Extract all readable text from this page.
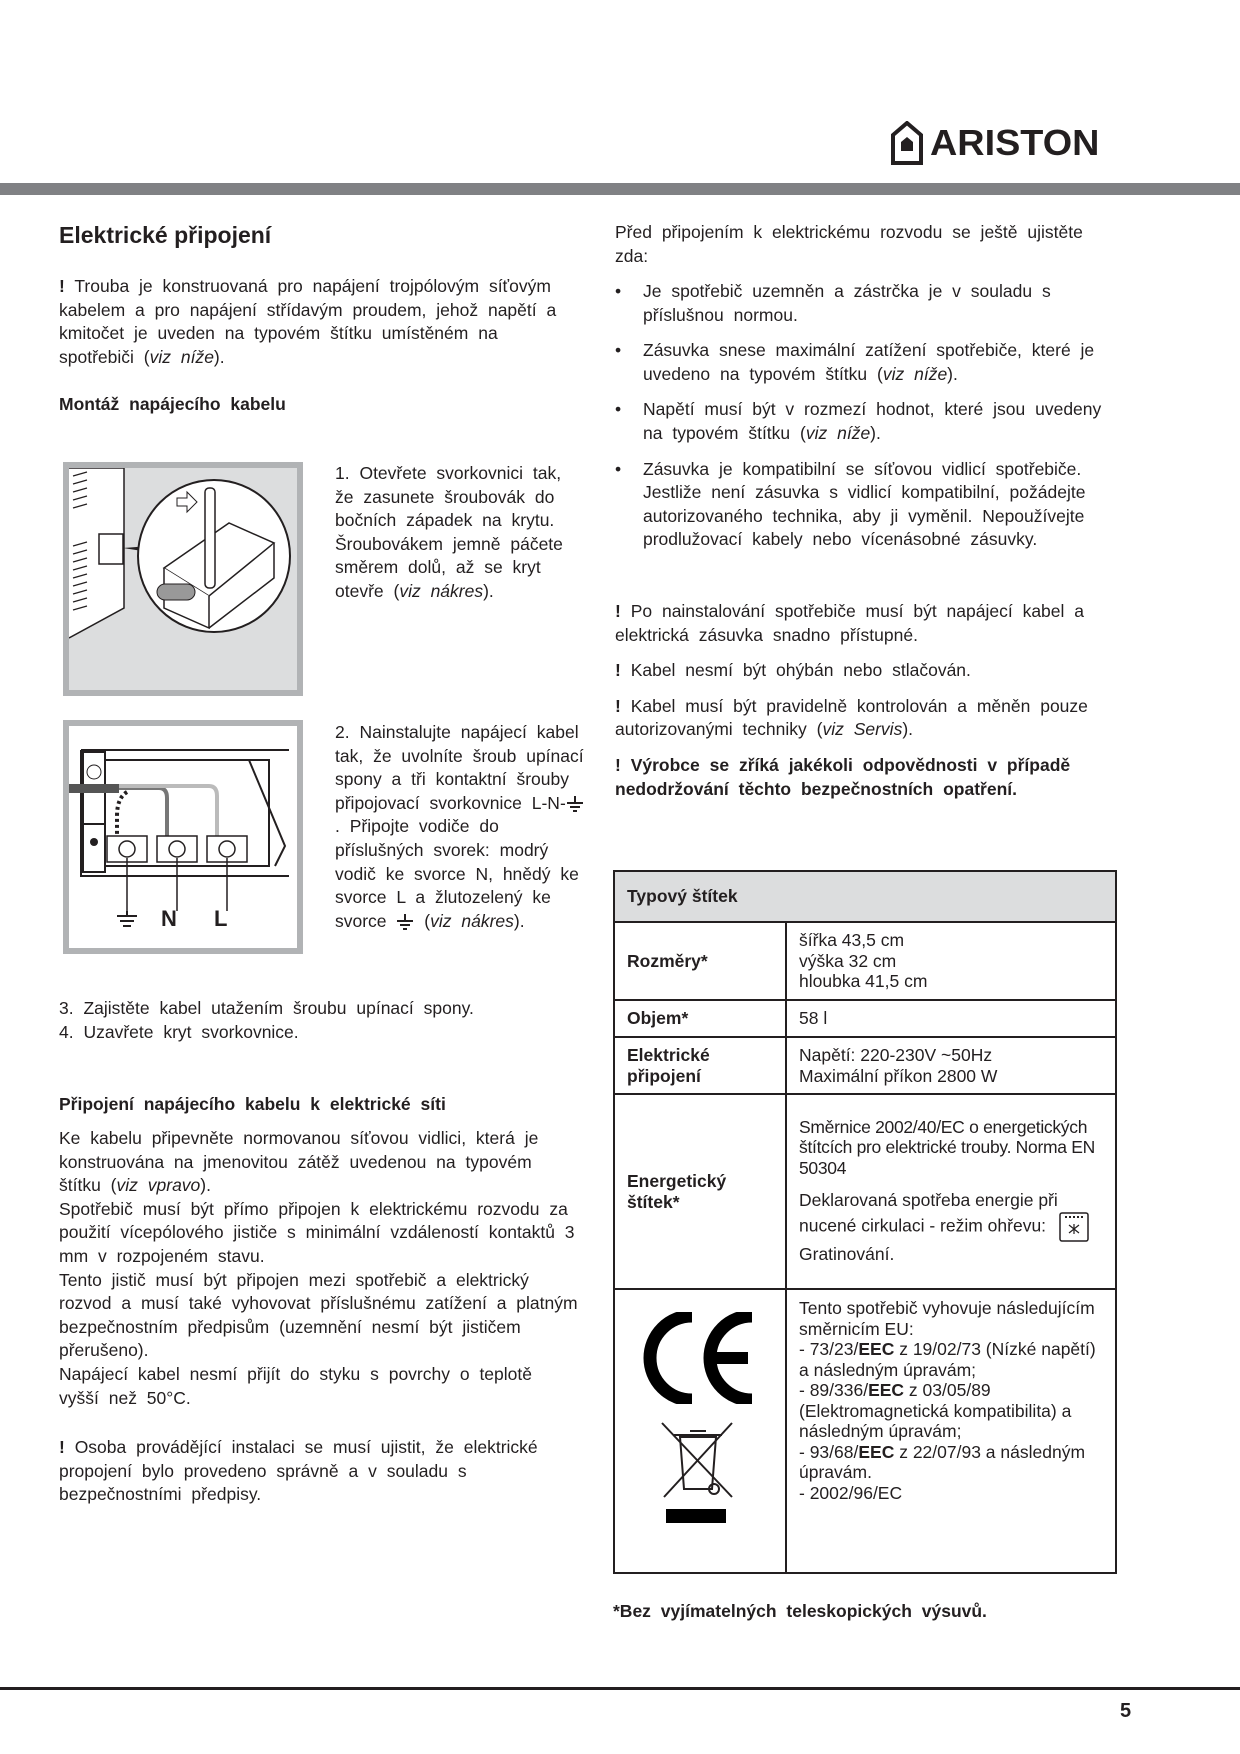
ARISTON
Elektrické připojení
! Trouba je konstruovaná pro napájení trojpólovým síťovým kabelem a pro napájení střídavým proudem, jehož napětí a kmitočet je uveden na typovém štítku umístěném na spotřebiči (viz níže).
Montáž napájecího kabelu
1. Otevřete svorkovnici tak, že zasunete šroubovák do bočních západek na krytu. Šroubovákem jemně páčete směrem dolů, až se kryt otevře (viz nákres).
N L
2. Nainstalujte napájecí kabel tak, že uvolníte šroub upínací spony a tři kontaktní šrouby připojovací svorkovnice L-N-. Připojte vodiče do příslušných svorek: modrý vodič ke svorce N, hnědý ke svorce L a žlutozelený ke svorce  (viz nákres).
3. Zajistěte kabel utažením šroubu upínací spony.
4. Uzavřete kryt svorkovnice.
Připojení napájecího kabelu k elektrické síti
Ke kabelu připevněte normovanou síťovou vidlici, která je konstruována na jmenovitou zátěž uvedenou na typovém štítku (viz vpravo).
Spotřebič musí být přímo připojen k elektrickému rozvodu za použití vícepólového jističe s minimální vzdáleností kontaktů 3 mm v rozpojeném stavu.
Tento jistič musí být připojen mezi spotřebič a elektrický rozvod a musí také vyhovovat příslušnému zatížení a platným bezpečnostním předpisům (uzemnění nesmí být jističem přerušeno).
Napájecí kabel nesmí přijít do styku s povrchy o teplotě vyšší než 50°C.
! Osoba provádějící instalaci se musí ujistit, že elektrické propojení bylo provedeno správně a v souladu s bezpečnostními předpisy.
Před připojením k elektrickému rozvodu se ještě ujistěte zda:
• Je spotřebič uzemněn a zástrčka je v souladu s příslušnou normou.
• Zásuvka snese maximální zatížení spotřebiče, které je uvedeno na typovém štítku (viz níže).
• Napětí musí být v rozmezí hodnot, které jsou uvedeny na typovém štítku (viz níže).
• Zásuvka je kompatibilní se síťovou vidlicí spotřebiče. Jestliže není zásuvka s vidlicí kompatibilní, požádejte autorizovaného technika, aby ji vyměnil. Nepoužívejte prodlužovací kabely nebo vícenásobné zásuvky.
! Po nainstalování spotřebiče musí být napájecí kabel a elektrická zásuvka snadno přístupné.
! Kabel nesmí být ohýbán nebo stlačován.
! Kabel musí být pravidelně kontrolován a měněn pouze autorizovanými techniky (viz Servis).
! Výrobce se zříká jakékoli odpovědnosti v případě nedodržování těchto bezpečnostních opatření.
Typový štítek	
Rozměry*	šířka 43,5 cm
výška 32 cm
hloubka 41,5 cm

Objem*	58 l
Elektrické připojení	Napětí: 220-230V ~50Hz
Maximální příkon 2800 W

Energetický štítek*	Směrnice 2002/40/EC o energetických štítcích pro elektrické trouby. Norma EN 50304
Deklarovaná spotřeba energie při nucené cirkulaci - režim ohřevu:  Gratinování.

Tento spotřebič vyhovuje následujícím směrnicím EU:
- 73/23/EEC z 19/02/73 (Nízké napětí) a následným úpravám;
- 89/336/EEC z 03/05/89 (Elektromagnetická kompatibilita) a následným úpravám;
- 93/68/EEC z 22/07/93 a následným úpravám.
- 2002/96/EC
*Bez vyjímatelných teleskopických výsuvů.
5
